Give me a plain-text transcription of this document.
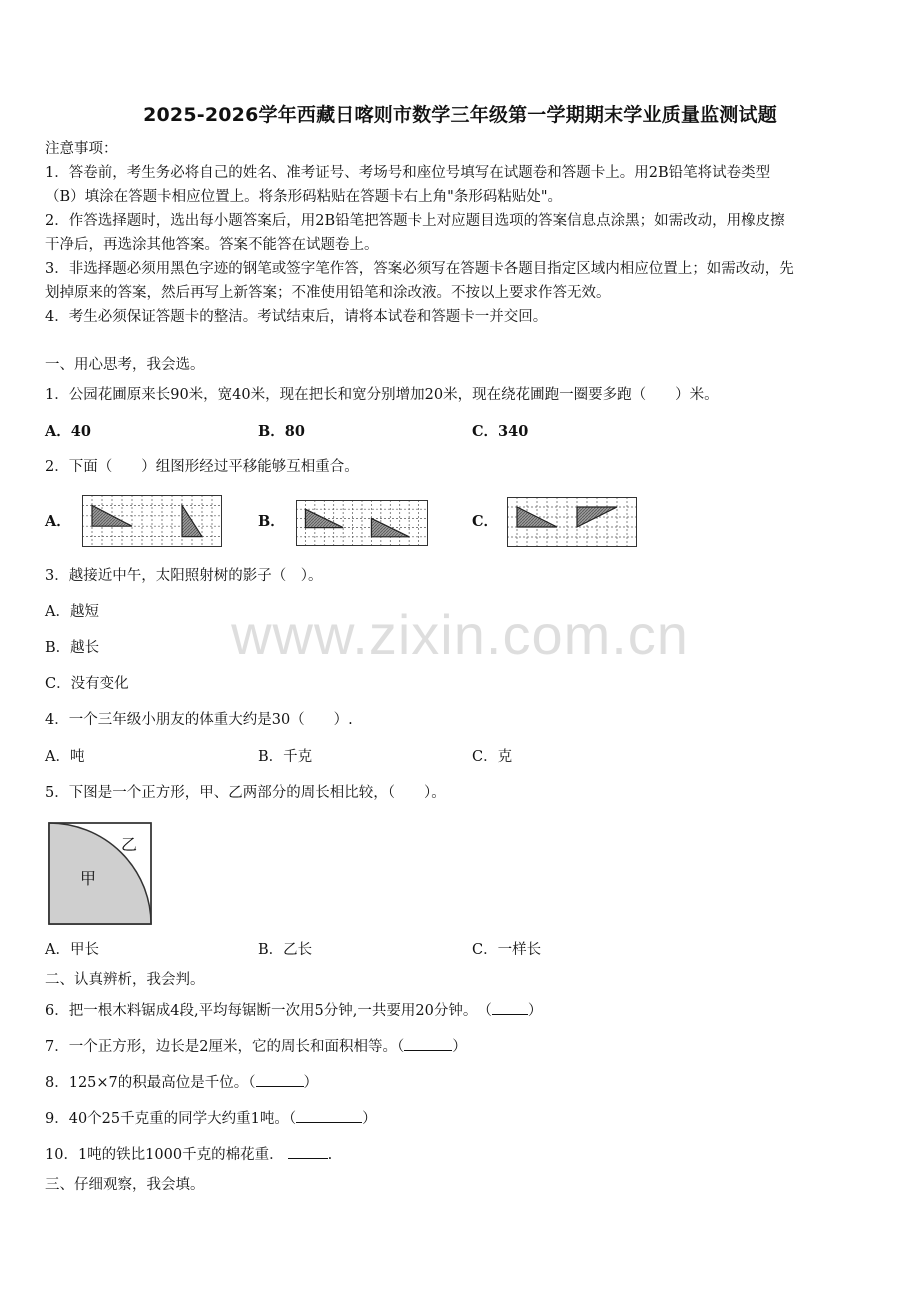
2025-2026学年西藏日喀则市数学三年级第一学期期末学业质量监测试题
注意事项：
1．答卷前，考生务必将自己的姓名、准考证号、考场号和座位号填写在试题卷和答题卡上。用2B铅笔将试卷类型
（B）填涂在答题卡相应位置上。将条形码粘贴在答题卡右上角"条形码粘贴处"。
2．作答选择题时，选出每小题答案后，用2B铅笔把答题卡上对应题目选项的答案信息点涂黑；如需改动，用橡皮擦
干净后，再选涂其他答案。答案不能答在试题卷上。
3．非选择题必须用黑色字迹的钢笔或签字笔作答，答案必须写在答题卡各题目指定区域内相应位置上；如需改动，先
划掉原来的答案，然后再写上新答案；不准使用铅笔和涂改液。不按以上要求作答无效。
4．考生必须保证答题卡的整洁。考试结束后，请将本试卷和答题卡一并交回。
一、用心思考，我会选。
1．公园花圃原来长90米，宽40米，现在把长和宽分别增加20米，现在绕花圃跑一圈要多跑（　　）米。
A．40	B．80	C．340
2．下面（　　）组图形经过平移能够互相重合。
A．	B．	C．
3．越接近中午，太阳照射树的影子（　）。
A．越短
B．越长
C．没有变化
www.zixin.com.cn
4．一个三年级小朋友的体重大约是30（　　）.
A．吨	B．千克	C．克
5．下图是一个正方形，甲、乙两部分的周长相比较，（　　）。
甲
乙
A．甲长	B．乙长	C．一样长
二、认真辨析，我会判。
6．把一根木料锯成4段,平均每锯断一次用5分钟,一共要用20分钟。　（ ）
7．一个正方形，边长是2厘米，它的周长和面积相等。（	）
8．125×7的积最高位是千位。（	）
9．40个25千克重的同学大约重1吨。（	）
10．1吨的铁比1000千克的棉花重．	.
三、仔细观察，我会填。
